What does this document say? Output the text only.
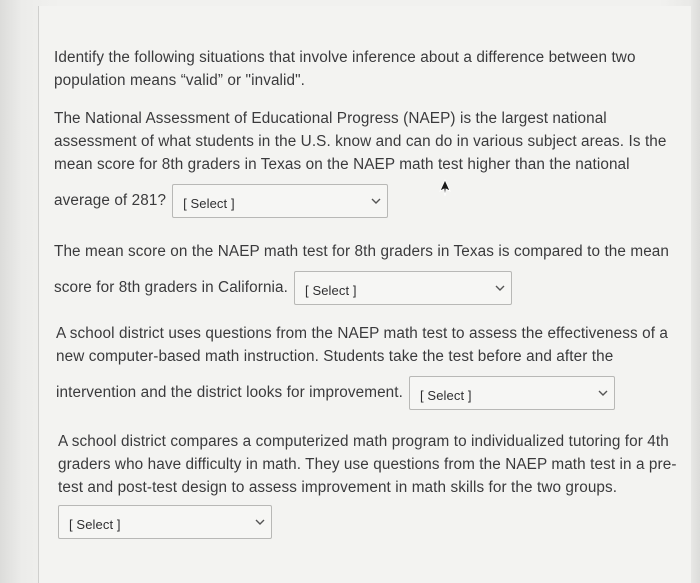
Identify the following situations that involve inference about a difference between two

population means “valid” or "invalid".

The National Assessment of Educational Progress (NAEP) is the largest national

assessment of what students in the U.S. know and can do in various subject areas. Is the

mean score for 8th graders in Texas on the NAEP math test higher than the national

average of 281? [ Select ]

The mean score on the NAEP math test for 8th graders in Texas is compared to the mean

score for 8th graders in California. [ Select ]

A school district uses questions from the NAEP math test to assess the effectiveness of a

new computer-based math instruction. Students take the test before and after the

intervention and the district looks for improvement. [ Select ]

A school district compares a computerized math program to individualized tutoring for 4th

graders who have difficulty in math. They use questions from the NAEP math test in a pre-

test and post-test design to assess improvement in math skills for the two groups.

[ Select ]
